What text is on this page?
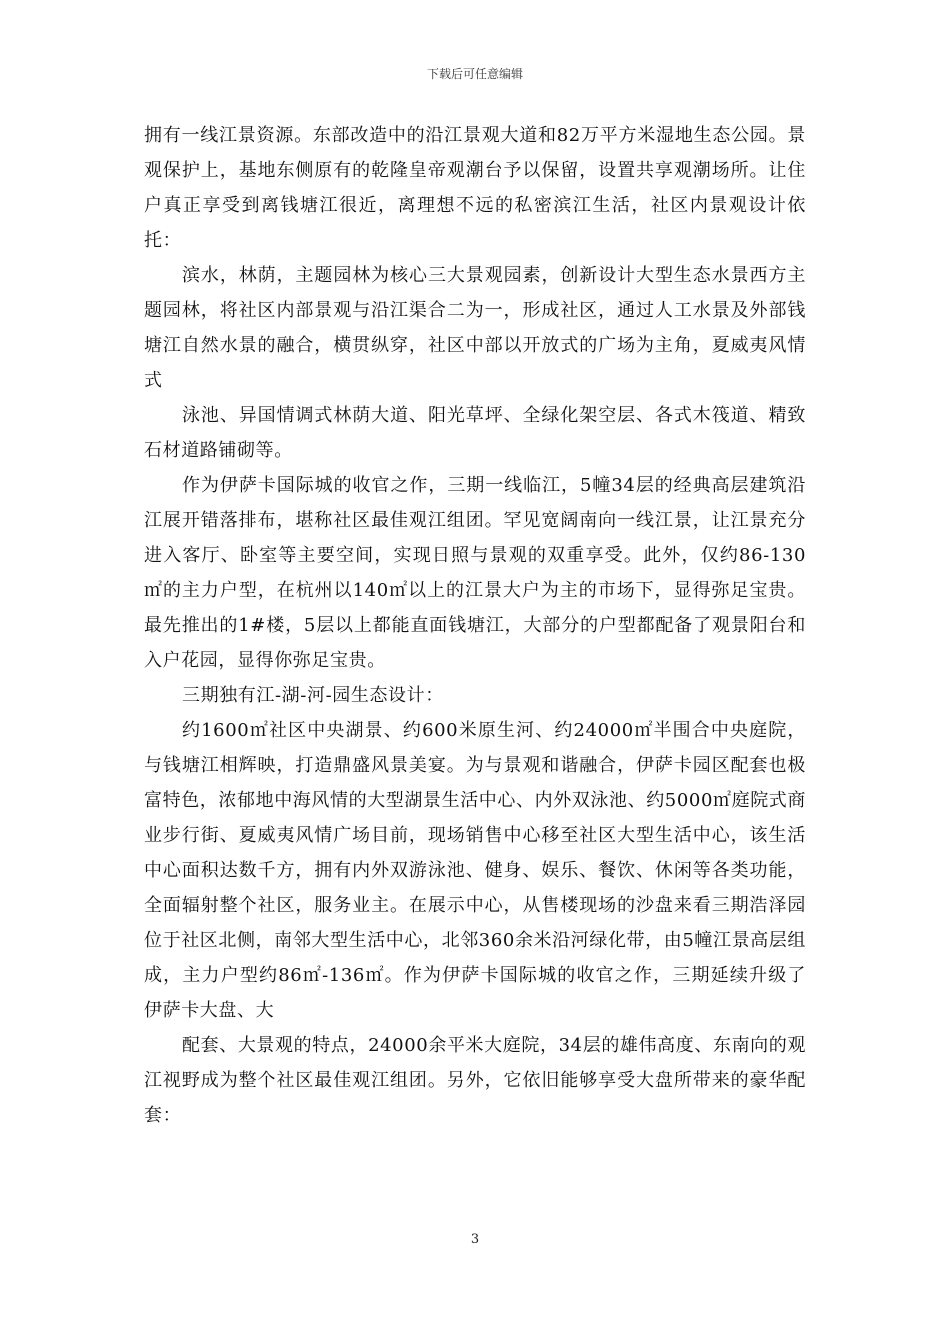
下载后可任意编辑

拥有一线江景资源。东部改造中的沿江景观大道和82万平方米湿地生态公园。景观保护上，基地东侧原有的乾隆皇帝观潮台予以保留，设置共享观潮场所。让住户真正享受到离钱塘江很近，离理想不远的私密滨江生活，社区内景观设计依托：

滨水，林荫，主题园林为核心三大景观园素，创新设计大型生态水景西方主题园林，将社区内部景观与沿江渠合二为一，形成社区，通过人工水景及外部钱塘江自然水景的融合，横贯纵穿，社区中部以开放式的广场为主角，夏威夷风情式

泳池、异国情调式林荫大道、阳光草坪、全绿化架空层、各式木筏道、精致石材道路铺砌等。

作为伊萨卡国际城的收官之作，三期一线临江，5幢34层的经典高层建筑沿江展开错落排布，堪称社区最佳观江组团。罕见宽阔南向一线江景，让江景充分进入客厅、卧室等主要空间，实现日照与景观的双重享受。此外，仅约86-130㎡的主力户型，在杭州以140㎡以上的江景大户为主的市场下，显得弥足宝贵。最先推出的1#楼，5层以上都能直面钱塘江，大部分的户型都配备了观景阳台和入户花园，显得你弥足宝贵。

三期独有江-湖-河-园生态设计：

约1600㎡社区中央湖景、约600米原生河、约24000㎡半围合中央庭院，与钱塘江相辉映，打造鼎盛风景美宴。为与景观和谐融合，伊萨卡园区配套也极富特色，浓郁地中海风情的大型湖景生活中心、内外双泳池、约5000㎡庭院式商业步行街、夏威夷风情广场目前，现场销售中心移至社区大型生活中心，该生活中心面积达数千方，拥有内外双游泳池、健身、娱乐、餐饮、休闲等各类功能，全面辐射整个社区，服务业主。在展示中心，从售楼现场的沙盘来看三期浩泽园位于社区北侧，南邻大型生活中心，北邻360余米沿河绿化带，由5幢江景高层组成，主力户型约86㎡-136㎡。作为伊萨卡国际城的收官之作，三期延续升级了伊萨卡大盘、大

配套、大景观的特点，24000余平米大庭院，34层的雄伟高度、东南向的观江视野成为整个社区最佳观江组团。另外，它依旧能够享受大盘所带来的豪华配套：

3
